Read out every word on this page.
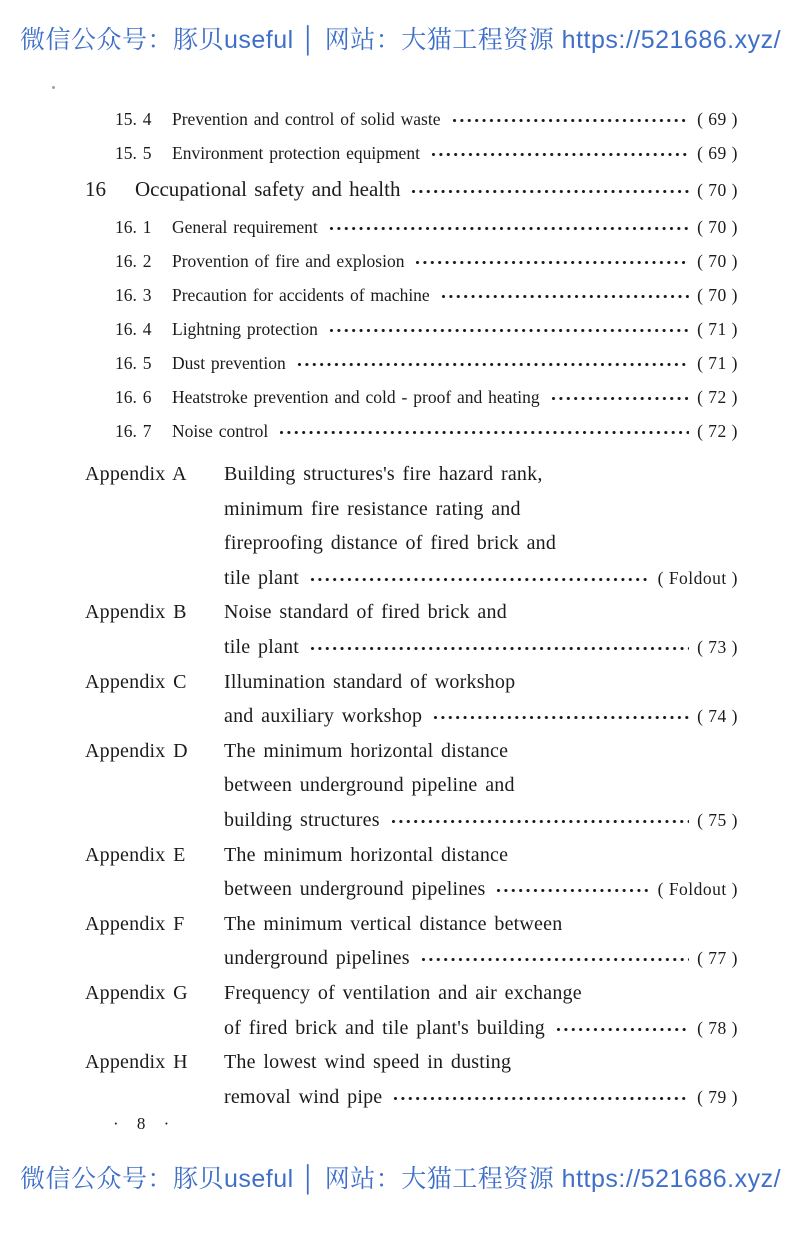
微信公众号：豚贝useful │ 网站：大猫工程资源 https://521686.xyz/
15. 4	Prevention and control of solid waste	( 69 )
15. 5	Environment protection equipment	( 69 )
16	Occupational safety and health	( 70 )
16. 1	General requirement	( 70 )
16. 2	Provention of fire and explosion	( 70 )
16. 3	Precaution for accidents of machine	( 70 )
16. 4	Lightning protection	( 71 )
16. 5	Dust prevention	( 71 )
16. 6	Heatstroke prevention and cold - proof and heating	( 72 )
16. 7	Noise control	( 72 )
Appendix A	Building structures's fire hazard rank,
minimum fire resistance rating and
fireproofing distance of fired brick and
tile plant	( Foldout )
Appendix B	Noise standard of fired brick and
tile plant	( 73 )
Appendix C	Illumination standard of workshop
and auxiliary workshop	( 74 )
Appendix D	The minimum horizontal distance
between underground pipeline and
building structures	( 75 )
Appendix E	The minimum horizontal distance
between underground pipelines	( Foldout )
Appendix F	The minimum vertical distance between
underground pipelines	( 77 )
Appendix G	Frequency of ventilation and air exchange
of fired brick and tile plant's building	( 78 )
Appendix H	The lowest wind speed in dusting
removal wind pipe	( 79 )
· 8 ·
微信公众号：豚贝useful │ 网站：大猫工程资源 https://521686.xyz/
